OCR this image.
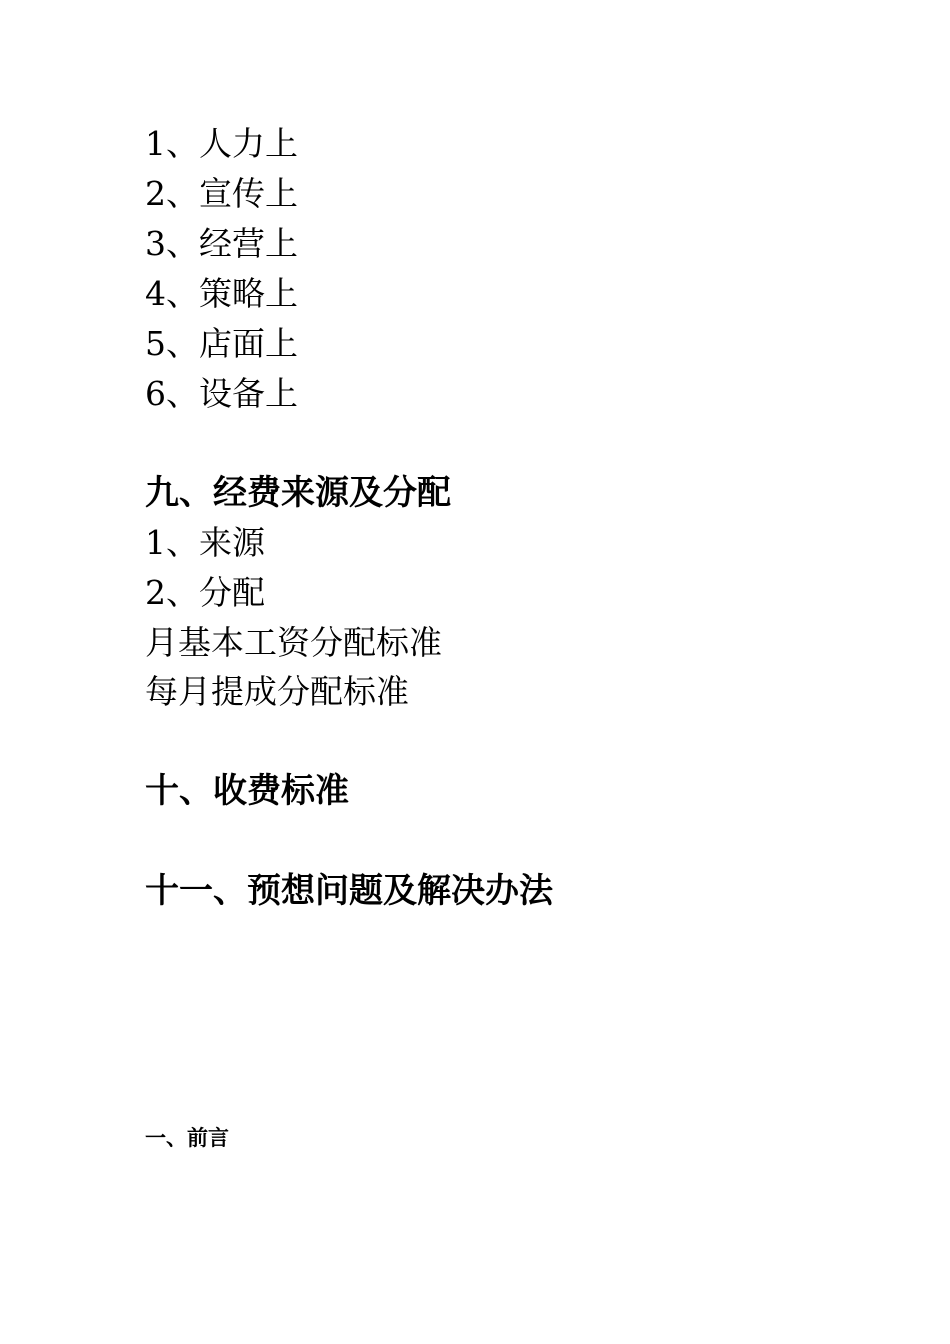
1、人力上
2、宣传上
3、经营上
4、策略上
5、店面上
6、设备上
九、经费来源及分配
1、来源
2、分配
月基本工资分配标准
每月提成分配标准
十、收费标准
十一、预想问题及解决办法
一、前言
